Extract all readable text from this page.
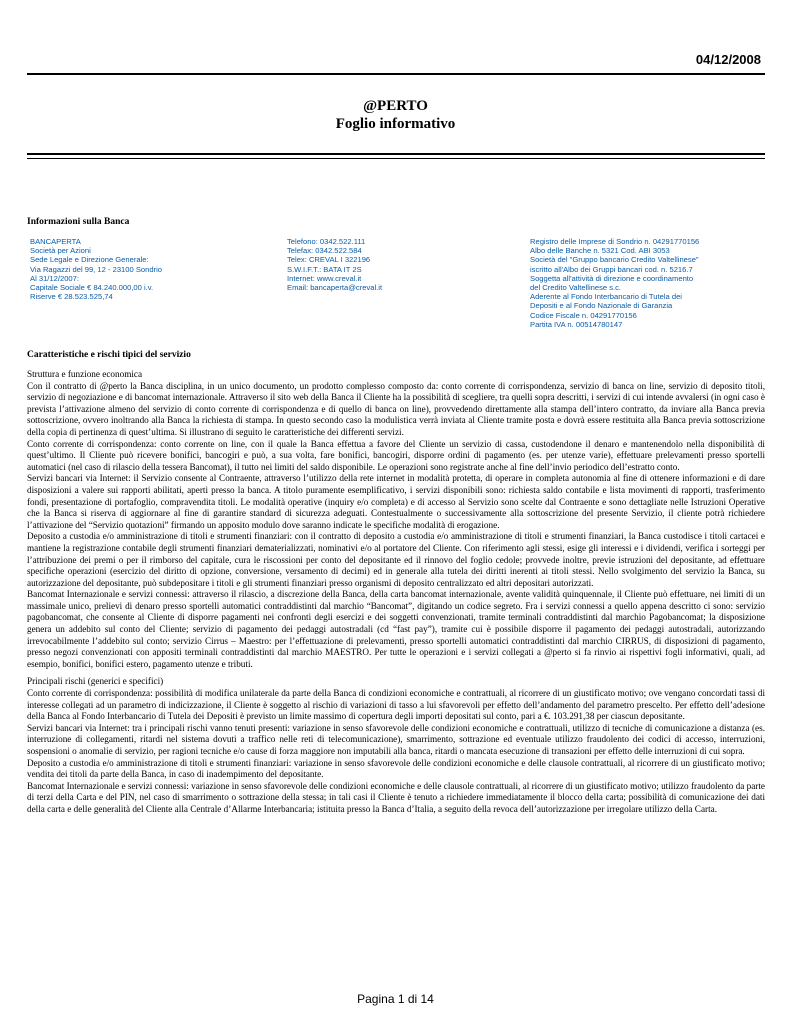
04/12/2008
@PERTO
Foglio informativo
Informazioni sulla Banca
BANCAPERTA
Società per Azioni
Sede Legale e Direzione Generale:
Via Ragazzi del 99, 12 - 23100 Sondrio
Al 31/12/2007:
Capitale Sociale € 84.240.000,00 i.v.
Riserve € 28.523.525,74
Telefono: 0342.522.111
Telefax: 0342.522.584
Telex: CREVAL I 322196
S.W.I.F.T.: BATA IT 2S
Internet: www.creval.it
Email: bancaperta@creval.it
Registro delle Imprese di Sondrio n. 04291770156
Albo delle Banche n. 5321 Cod. ABI 3053
Società del "Gruppo bancario Credito Valtellinese"
iscritto all'Albo dei Gruppi bancari cod. n. 5216.7
Soggetta all'attività di direzione e coordinamento
del Credito Valtellinese s.c.
Aderente al Fondo Interbancario di Tutela dei
Depositi e al Fondo Nazionale di Garanzia
Codice Fiscale n. 04291770156
Partita IVA n. 00514780147
Caratteristiche e rischi tipici del servizio

Struttura e funzione economica

Con il contratto di @perto la Banca disciplina, in un unico documento, un prodotto complesso composto da: conto corrente di corrispondenza, servizio di banca on line, servizio di deposito titoli, servizio di negoziazione e di bancomat internazionale. Attraverso il sito web della Banca il Cliente ha la possibilità di scegliere, tra quelli sopra descritti, i servizi di cui intende avvalersi (in ogni caso è prevista l’attivazione almeno del servizio di conto corrente di corrispondenza e di quello di banca on line), provvedendo direttamente alla stampa dell’intero contratto, da inviare alla Banca previa sottoscrizione, ovvero inoltrando alla Banca la richiesta di stampa. In questo secondo caso la modulistica verrà inviata al Cliente tramite posta e dovrà essere restituita alla Banca previa sottoscrizione della copia di pertinenza di quest’ultima. Si illustrano di seguito le caratteristiche dei differenti servizi.

Conto corrente di corrispondenza: conto corrente on line, con il quale la Banca effettua a favore del Cliente un servizio di cassa, custodendone il denaro e mantenendolo nella disponibilità di quest’ultimo. Il Cliente può ricevere bonifici, bancogiri e può, a sua volta, fare bonifici, bancogiri, disporre ordini di pagamento (es. per utenze varie), effettuare prelevamenti presso sportelli automatici (nel caso di rilascio della tessera Bancomat), il tutto nei limiti del saldo disponibile. Le operazioni sono registrate anche al fine dell’invio periodico dell’estratto conto.

Servizi bancari via Internet: il Servizio consente al Contraente, attraverso l’utilizzo della rete internet in modalità protetta, di operare in completa autonomia al fine di ottenere informazioni e di dare disposizioni a valere sui rapporti abilitati, aperti presso la banca. A titolo puramente esemplificativo, i servizi disponibili sono: richiesta saldo contabile e lista movimenti di rapporti, trasferimento fondi, presentazione di portafoglio, compravendita titoli. Le modalità operative (inquiry e/o completa) e di accesso al Servizio sono scelte dal Contraente e sono dettagliate nelle Istruzioni Operative che la Banca si riserva di aggiornare al fine di garantire standard di sicurezza adeguati. Contestualmente o successivamente alla sottoscrizione del presente Servizio, il cliente potrà richiedere l’attivazione del “Servizio quotazioni” firmando un apposito modulo dove saranno indicate le specifiche modalità di erogazione.

Deposito a custodia e/o amministrazione di titoli e strumenti finanziari: con il contratto di deposito a custodia e/o amministrazione di titoli e strumenti finanziari, la Banca custodisce i titoli cartacei e mantiene la registrazione contabile degli strumenti finanziari dematerializzati, nominativi e/o al portatore del Cliente. Con riferimento agli stessi, esige gli interessi e i dividendi, verifica i sorteggi per l’attribuzione dei premi o per il rimborso del capitale, cura le riscossioni per conto del depositante ed il rinnovo del foglio cedole; provvede inoltre, previe istruzioni del depositante, ad effettuare specifiche operazioni (esercizio del diritto di opzione, conversione, versamento di decimi) ed in generale alla tutela dei diritti inerenti ai titoli stessi. Nello svolgimento del servizio la Banca, su autorizzazione del depositante, può subdepositare i titoli e gli strumenti finanziari presso organismi di deposito centralizzato ed altri depositari autorizzati.

Bancomat Internazionale e servizi connessi: attraverso il rilascio, a discrezione della Banca, della carta bancomat internazionale, avente validità quinquennale, il Cliente può effettuare, nei limiti di un massimale unico, prelievi di denaro presso sportelli automatici contraddistinti dal marchio “Bancomat”, digitando un codice segreto. Fra i servizi connessi a quello appena descritto ci sono: servizio pagobancomat, che consente al Cliente di disporre pagamenti nei confronti degli esercizi e dei soggetti convenzionati, tramite terminali contraddistinti dal marchio Pagobancomat; la disposizione genera un addebito sul conto del Cliente; servizio di pagamento dei pedaggi autostradali (cd “fast pay”), tramite cui è possibile disporre il pagamento dei pedaggi autostradali, autorizzando irrevocabilmente l’addebito sul conto; servizio Cirrus – Maestro: per l’effettuazione di prelevamenti, presso sportelli automatici contraddistinti dal marchio CIRRUS, di disposizioni di pagamento, presso negozi convenzionati con appositi terminali contraddistinti dal marchio MAESTRO. Per tutte le operazioni e i servizi collegati a @perto si fa rinvio ai rispettivi fogli informativi, quali, ad esempio, bonifici, bonifici estero, pagamento utenze e tributi.

Principali rischi (generici e specifici)

Conto corrente di corrispondenza: possibilità di modifica unilaterale da parte della Banca di condizioni economiche e contrattuali, al ricorrere di un giustificato motivo; ove vengano concordati tassi di interesse collegati ad un parametro di indicizzazione, il Cliente è soggetto al rischio di variazioni di tasso a lui sfavorevoli per effetto dell’andamento del parametro prescelto. Per effetto dell’adesione della Banca al Fondo Interbancario di Tutela dei Depositi è previsto un limite massimo di copertura degli importi depositati sul conto, pari a €. 103.291,38 per ciascun depositante.

Servizi bancari via Internet: tra i principali rischi vanno tenuti presenti: variazione in senso sfavorevole delle condizioni economiche e contrattuali, utilizzo di tecniche di comunicazione a distanza (es. interruzione di collegamenti, ritardi nel sistema dovuti a traffico nelle reti di telecomunicazione), smarrimento, sottrazione ed eventuale utilizzo fraudolento dei codici di accesso, interruzioni, sospensioni o anomalie di servizio, per ragioni tecniche e/o cause di forza maggiore non imputabili alla banca, ritardi o mancata esecuzione di transazioni per effetto delle interruzioni di cui sopra.

Deposito a custodia e/o amministrazione di titoli e strumenti finanziari: variazione in senso sfavorevole delle condizioni economiche e delle clausole contrattuali, al ricorrere di un giustificato motivo; vendita dei titoli da parte della Banca, in caso di inadempimento del depositante.

Bancomat Internazionale e servizi connessi: variazione in senso sfavorevole delle condizioni economiche e delle clausole contrattuali, al ricorrere di un giustificato motivo; utilizzo fraudolento da parte di terzi della Carta e del PIN, nel caso di smarrimento o sottrazione della stessa; in tali casi il Cliente è tenuto a richiedere immediatamente il blocco della carta; possibilità di comunicazione dei dati della carta e delle generalità del Cliente alla Centrale d’Allarme Interbancaria; istituita presso la Banca d’Italia, a seguito della revoca dell’autorizzazione per irregolare utilizzo della Carta.

Pagina 1 di 14
